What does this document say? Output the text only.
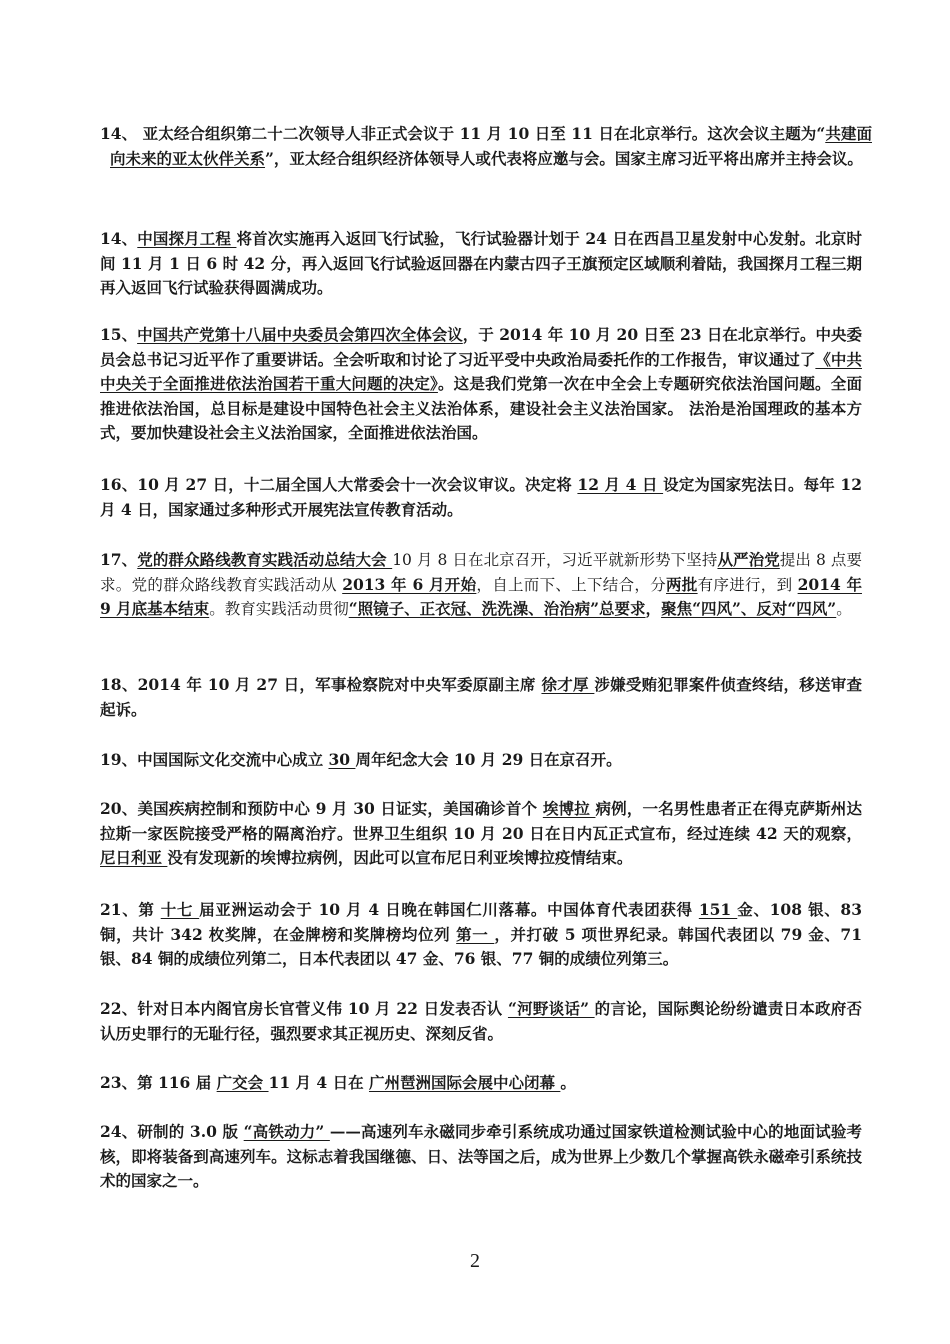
14、 亚太经合组织第二十二次领导人非正式会议于 11 月 10 日至 11 日在北京举行。这次会议主题为“共建面向未来的亚太伙伴关系”，亚太经合组织经济体领导人或代表将应邀与会。国家主席习近平将出席并主持会议。

14、中国探月工程 将首次实施再入返回飞行试验，飞行试验器计划于 24 日在西昌卫星发射中心发射。北京时间 11 月 1 日 6 时 42 分，再入返回飞行试验返回器在内蒙古四子王旗预定区域顺利着陆，我国探月工程三期再入返回飞行试验获得圆满成功。

15、中国共产党第十八届中央委员会第四次全体会议，于 2014 年 10 月 20 日至 23 日在北京举行。中央委员会总书记习近平作了重要讲话。全会听取和讨论了习近平受中央政治局委托作的工作报告，审议通过了《中共中央关于全面推进依法治国若干重大问题的决定》。这是我们党第一次在中全会上专题研究依法治国问题。全面推进依法治国，总目标是建设中国特色社会主义法治体系，建设社会主义法治国家。 法治是治国理政的基本方式，要加快建设社会主义法治国家，全面推进依法治国。

16、10 月 27 日，十二届全国人大常委会十一次会议审议。决定将 12 月 4 日 设定为国家宪法日。每年 12 月 4 日，国家通过多种形式开展宪法宣传教育活动。

17、党的群众路线教育实践活动总结大会 10 月 8 日在北京召开，习近平就新形势下坚持从严治党提出 8 点要求。党的群众路线教育实践活动从 2013 年 6 月开始，自上而下、上下结合，分两批有序进行，到 2014 年 9 月底基本结束。教育实践活动贯彻“照镜子、正衣冠、洗洗澡、治治病”总要求，聚焦“四风”、反对“四风”。

18、2014 年 10 月 27 日，军事检察院对中央军委原副主席 徐才厚 涉嫌受贿犯罪案件侦查终结，移送审查起诉。

19、中国国际文化交流中心成立 30 周年纪念大会 10 月 29 日在京召开。

20、美国疾病控制和预防中心 9 月 30 日证实，美国确诊首个 埃博拉 病例，一名男性患者正在得克萨斯州达拉斯一家医院接受严格的隔离治疗。世界卫生组织 10 月 20 日在日内瓦正式宣布，经过连续 42 天的观察， 尼日利亚 没有发现新的埃博拉病例，因此可以宣布尼日利亚埃博拉疫情结束。

21、第 十七 届亚洲运动会于 10 月 4 日晚在韩国仁川落幕。中国体育代表团获得 151 金、108 银、83 铜，共计 342 枚奖牌，在金牌榜和奖牌榜均位列 第一 ，并打破 5 项世界纪录。韩国代表团以 79 金、71 银、84 铜的成绩位列第二，日本代表团以 47 金、76 银、77 铜的成绩位列第三。

22、针对日本内阁官房长官菅义伟 10 月 22 日发表否认 “河野谈话” 的言论，国际舆论纷纷谴责日本政府否认历史罪行的无耻行径，强烈要求其正视历史、深刻反省。

23、第 116 届 广交会 11 月 4 日在 广州琶洲国际会展中心闭幕 。

24、研制的 3.0 版 “高铁动力” ——高速列车永磁同步牵引系统成功通过国家铁道检测试验中心的地面试验考核，即将装备到高速列车。这标志着我国继德、日、法等国之后，成为世界上少数几个掌握高铁永磁牵引系统技术的国家之一。

2
